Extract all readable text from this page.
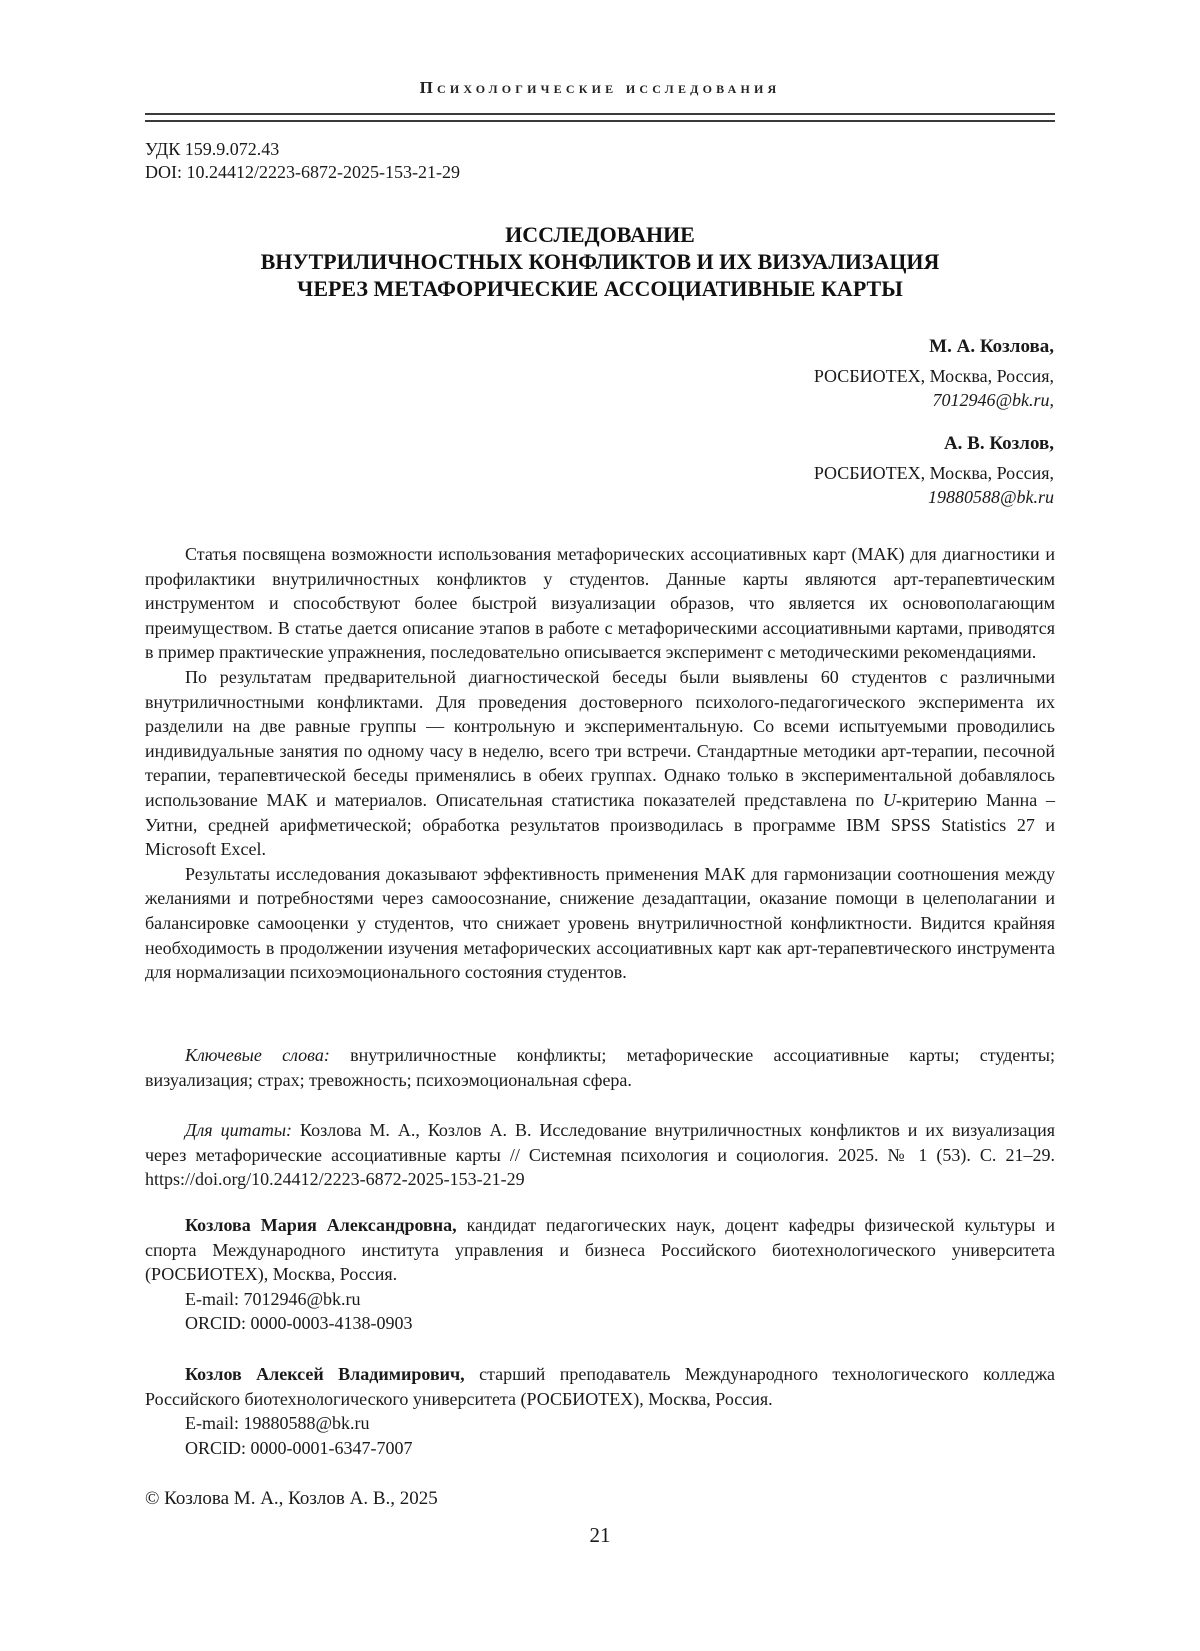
Психологические исследования
УДК 159.9.072.43
DOI: 10.24412/2223-6872-2025-153-21-29
ИССЛЕДОВАНИЕ
ВНУТРИЛИЧНОСТНЫХ КОНФЛИКТОВ И ИХ ВИЗУАЛИЗАЦИЯ
ЧЕРЕЗ МЕТАФОРИЧЕСКИЕ АССОЦИАТИВНЫЕ КАРТЫ
М. А. Козлова,
РОСБИОТЕХ, Москва, Россия,
7012946@bk.ru,
А. В. Козлов,
РОСБИОТЕХ, Москва, Россия,
19880588@bk.ru

Статья посвящена возможности использования метафорических ассоциативных карт (МАК) для диагностики и профилактики внутриличностных конфликтов у студентов. Данные карты являются арт-терапевтическим инструментом и способствуют более быстрой визуализации образов, что является их основополагающим преимуществом. В статье дается описание этапов в работе с метафорическими ассоциативными картами, приводятся в пример практические упражнения, последовательно описывается эксперимент с методическими рекомендациями.

По результатам предварительной диагностической беседы были выявлены 60 студентов с различными внутриличностными конфликтами. Для проведения достоверного психолого-педагогического эксперимента их разделили на две равные группы — контрольную и экспериментальную. Со всеми испытуемыми проводились индивидуальные занятия по одному часу в неделю, всего три встречи. Стандартные методики арт-терапии, песочной терапии, терапевтической беседы применялись в обеих группах. Однако только в экспериментальной добавлялось использование МАК и материалов. Описательная статистика показателей представлена по U-критерию Манна – Уитни, средней арифметической; обработка результатов производилась в программе IBM SPSS Statistics 27 и Microsoft Excel.

Результаты исследования доказывают эффективность применения МАК для гармонизации соотношения между желаниями и потребностями через самоосознание, снижение дезадаптации, оказание помощи в целеполагании и балансировке самооценки у студентов, что снижает уровень внутриличностной конфликтности. Видится крайняя необходимость в продолжении изучения метафорических ассоциативных карт как арт-терапевтического инструмента для нормализации психоэмоционального состояния студентов.

Ключевые слова: внутриличностные конфликты; метафорические ассоциативные карты; студенты; визуализация; страх; тревожность; психоэмоциональная сфера.

Для цитаты: Козлова М. А., Козлов А. В. Исследование внутриличностных конфликтов и их визуализация через метафорические ассоциативные карты // Системная психология и социология. 2025. № 1 (53). С. 21–29. https://doi.org/10.24412/2223-6872-2025-153-21-29

Козлова Мария Александровна, кандидат педагогических наук, доцент кафедры физической культуры и спорта Международного института управления и бизнеса Российского биотехнологического университета (РОСБИОТЕХ), Москва, Россия.

E-mail: 7012946@bk.ru
ORCID: 0000-0003-4138-0903

Козлов Алексей Владимирович, старший преподаватель Международного технологического колледжа Российского биотехнологического университета (РОСБИОТЕХ), Москва, Россия.

E-mail: 19880588@bk.ru
ORCID: 0000-0001-6347-7007
© Козлова М. А., Козлов А. В., 2025
21
